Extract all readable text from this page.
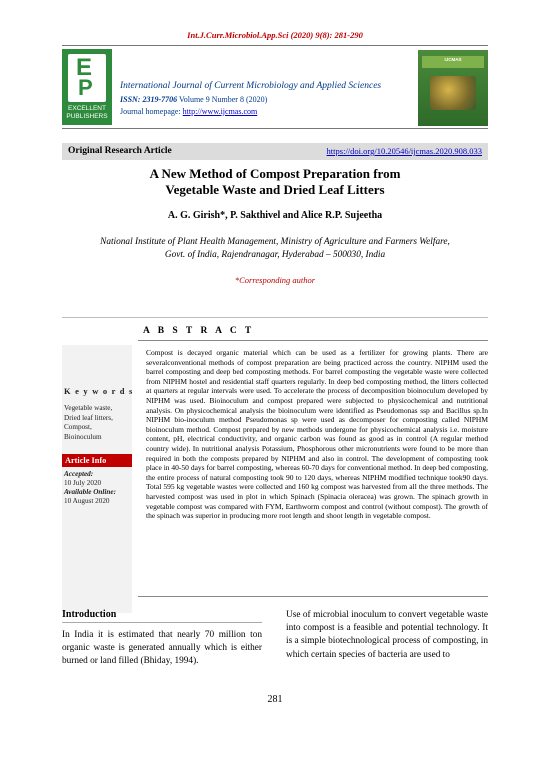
Int.J.Curr.Microbiol.App.Sci (2020) 9(8): 281-290
E
P
EXCELLENT PUBLISHERS
International Journal of Current Microbiology and Applied Sciences
ISSN: 2319-7706 Volume 9 Number 8 (2020)
Journal homepage: http://www.ijcmas.com
IJCMAS
Original Research Article	https://doi.org/10.20546/ijcmas.2020.908.033
A New Method of Compost Preparation from
Vegetable Waste and Dried Leaf Litters
A. G. Girish*, P. Sakthivel and Alice R.P. Sujeetha
National Institute of Plant Health Management, Ministry of Agriculture and Farmers Welfare,
Govt. of India, Rajendranagar, Hyderabad – 500030, India
*Corresponding author
A B S T R A C T
K e y w o r d s
Vegetable waste,
Dried leaf litters,
Compost,
Bioinoculum
Article Info
Accepted:
10 July 2020
Available Online:
10 August 2020
Compost is decayed organic material which can be used as a fertilizer for growing plants. There are severalconventional methods of compost preparation are being practiced across the country. NIPHM used the barrel composting and deep bed composting methods. For barrel composting the vegetable waste were collected from NIPHM hostel and residential staff quarters regularly. In deep bed composting method, the litters collected at quarters at regular intervals were used. To accelerate the process of decomposition bioinoculum developed by NIPHM was used. Bioinoculum and compost prepared were subjected to physicochemical and nutritional analysis. On physicochemical analysis the bioinoculum were identified as Pseudomonas ssp and Bacillus sp.In NIPHM bio-inoculum method Pseudomonas sp were used as decomposer for composting called NIPHM bioinoculum method. Compost prepared by new methods undergone for physicochemical analysis i.e. moisture content, pH, electrical conductivity, and organic carbon was found as good as in control (A regular method country wide). In nutritional analysis Potassium, Phosphorous other micronutrients were found to be more than required in both the composts prepared by NIPHM and also in control. The development of composting took place in 40-50 days for barrel composting, whereas 60-70 days for conventional method. In deep bed composting, the entire process of natural composting took 90 to 120 days, whereas NIPHM modified technique took90 days. Total 595 kg vegetable wastes were collected and 160 kg compost was harvested from all the three methods. The harvested compost was used in plot in which Spinach (Spinacia oleracea) was grown. The spinach growth in vegetable compost was compared with FYM, Earthworm compost and control (without compost). The growth of the spinach was superior in producing more root length and shoot length in vegetable compost.
Introduction
In India it is estimated that nearly 70 million ton organic waste is generated annually which is either burned or land filled (Bhiday, 1994).
Use of microbial inoculum to convert vegetable waste into compost is a feasible and potential technology. It is a simple biotechnological process of composting, in which certain species of bacteria are used to
281
